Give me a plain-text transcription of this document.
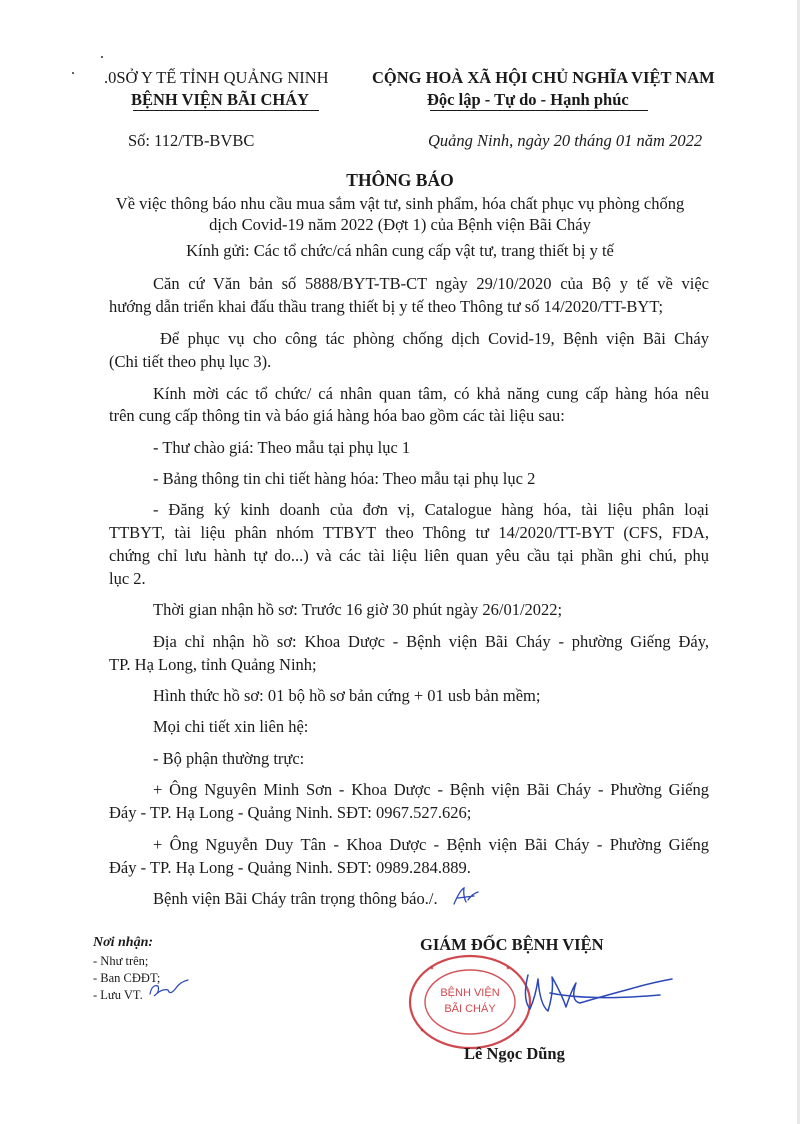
.0SỞ Y TẾ TỈNH QUẢNG NINH
BỆNH VIỆN BÃI CHÁY
Số: 112/TB-BVBC
CỘNG HOÀ XÃ HỘI CHỦ NGHĨA VIỆT NAM
Độc lập - Tự do - Hạnh phúc
Quảng Ninh, ngày 20 tháng 01 năm 2022
THÔNG BÁO
Về việc thông báo nhu cầu mua sắm vật tư, sinh phẩm, hóa chất phục vụ phòng chống
dịch Covid-19 năm 2022 (Đợt 1) của Bệnh viện Bãi Cháy
Kính gửi: Các tổ chức/cá nhân cung cấp vật tư, trang thiết bị y tế
Căn cứ Văn bản số 5888/BYT-TB-CT ngày 29/10/2020 của Bộ y tế về việc
hướng dẫn triển khai đấu thầu trang thiết bị y tế theo Thông tư số 14/2020/TT-BYT;
Để phục vụ cho công tác phòng chống dịch Covid-19, Bệnh viện Bãi Cháy
(Chi tiết theo phụ lục 3).
Kính mời các tổ chức/ cá nhân quan tâm, có khả năng cung cấp hàng hóa nêu
trên cung cấp thông tin và báo giá hàng hóa bao gồm các tài liệu sau:
- Thư chào giá: Theo mẫu tại phụ lục 1
- Bảng thông tin chi tiết hàng hóa: Theo mẫu tại phụ lục 2
- Đăng ký kinh doanh của đơn vị, Catalogue hàng hóa, tài liệu phân loại
TTBYT, tài liệu phân nhóm TTBYT theo Thông tư 14/2020/TT-BYT (CFS, FDA,
chứng chỉ lưu hành tự do...) và các tài liệu liên quan yêu cầu tại phần ghi chú, phụ
lục 2.
Thời gian nhận hồ sơ: Trước 16 giờ 30 phút ngày 26/01/2022;
Địa chỉ nhận hồ sơ: Khoa Dược - Bệnh viện Bãi Cháy - phường Giếng Đáy,
TP. Hạ Long, tỉnh Quảng Ninh;
Hình thức hồ sơ: 01 bộ hồ sơ bản cứng + 01 usb bản mềm;
Mọi chi tiết xin liên hệ:
- Bộ phận thường trực:
+ Ông Nguyên Minh Sơn - Khoa Dược - Bệnh viện Bãi Cháy - Phường Giếng
Đáy - TP. Hạ Long - Quảng Ninh. SĐT: 0967.527.626;
+ Ông Nguyễn Duy Tân - Khoa Dược - Bệnh viện Bãi Cháy - Phường Giếng
Đáy - TP. Hạ Long - Quảng Ninh. SĐT: 0989.284.889.
Bệnh viện Bãi Cháy trân trọng thông báo./.
Nơi nhận:
- Như trên;
- Ban CĐĐT;
- Lưu VT.
GIÁM ĐỐC BỆNH VIỆN
BỆNH VIỆN
BÃI CHÁY
Lê Ngọc Dũng
